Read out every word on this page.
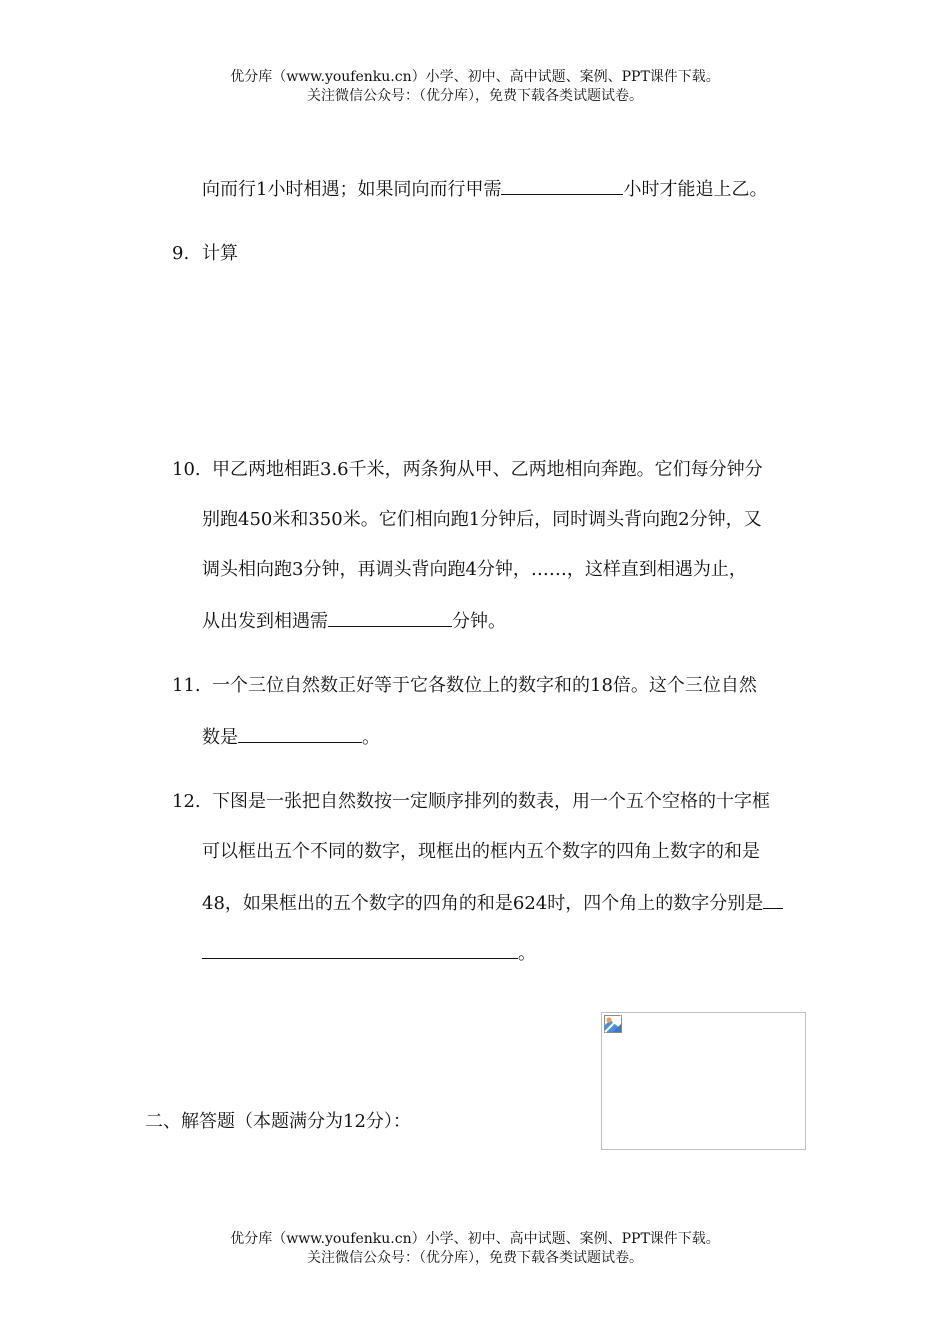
优分库（www.youfenku.cn）小学、初中、高中试题、案例、PPT课件下载。

关注微信公众号：（优分库），免费下载各类试题试卷。

向而行1小时相遇；如果同向而行甲需	小时才能追上乙。

9. 计算

10. 甲乙两地相距3.6千米，两条狗从甲、乙两地相向奔跑。它们每分钟分

别跑450米和350米。它们相向跑1分钟后，同时调头背向跑2分钟，又

调头相向跑3分钟，再调头背向跑4分钟，……，这样直到相遇为止，

从出发到相遇需	分钟。

11. 一个三位自然数正好等于它各数位上的数字和的18倍。这个三位自然

数是	。

12. 下图是一张把自然数按一定顺序排列的数表，用一个五个空格的十字框

可以框出五个不同的数字，现框出的框内五个数字的四角上数字的和是

48，如果框出的五个数字的四角的和是624时，四个角上的数字分别是

。

二、解答题（本题满分为12分）：

优分库（www.youfenku.cn）小学、初中、高中试题、案例、PPT课件下载。

关注微信公众号：（优分库），免费下载各类试题试卷。
